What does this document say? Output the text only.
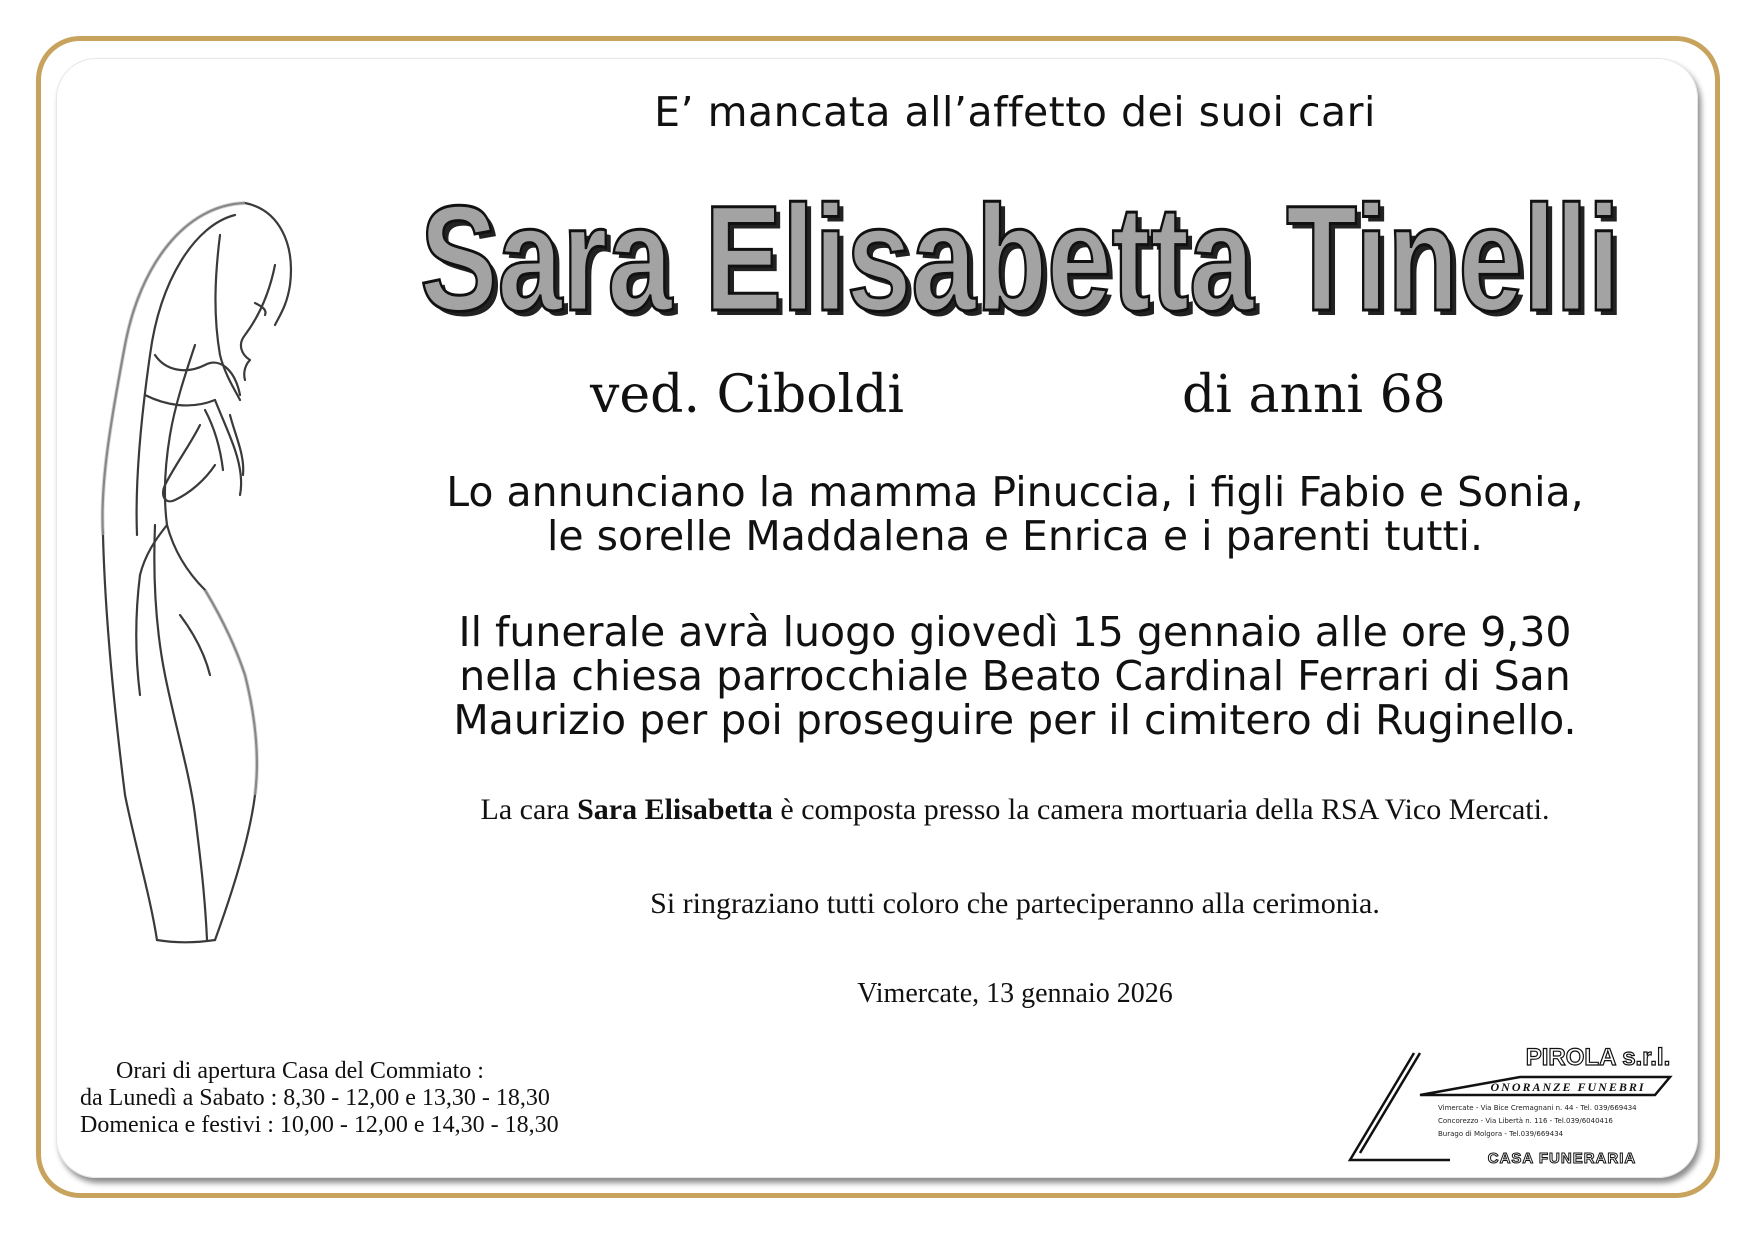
E’ mancata all’affetto dei suoi cari
Sara Elisabetta Tinelli
Sara Elisabetta Tinelli
ved. Ciboldi	di anni 68
Lo annunciano la mamma Pinuccia, i figli Fabio e Sonia,
le sorelle Maddalena e Enrica e i parenti tutti.
Il funerale avrà luogo giovedì 15 gennaio alle ore 9,30
nella chiesa parrocchiale Beato Cardinal Ferrari di San
Maurizio per poi proseguire per il cimitero di Ruginello.
La cara Sara Elisabetta è composta presso la camera mortuaria della RSA Vico Mercati.
Si ringraziano tutti coloro che parteciperanno alla cerimonia.
Vimercate, 13 gennaio 2026
Orari di apertura Casa del Commiato :
da Lunedì a Sabato : 8,30 - 12,00 e 13,30 - 18,30
Domenica e festivi : 10,00 - 12,00 e 14,30 - 18,30
PIROLA s.r.l.
ONORANZE FUNEBRI
Vimercate - Via Bice Cremagnani n. 44 - Tel. 039/669434
Concorezzo - Via Libertà n. 116 - Tel.039/6040416
Burago di Molgora - Tel.039/669434
CASA FUNERARIA
